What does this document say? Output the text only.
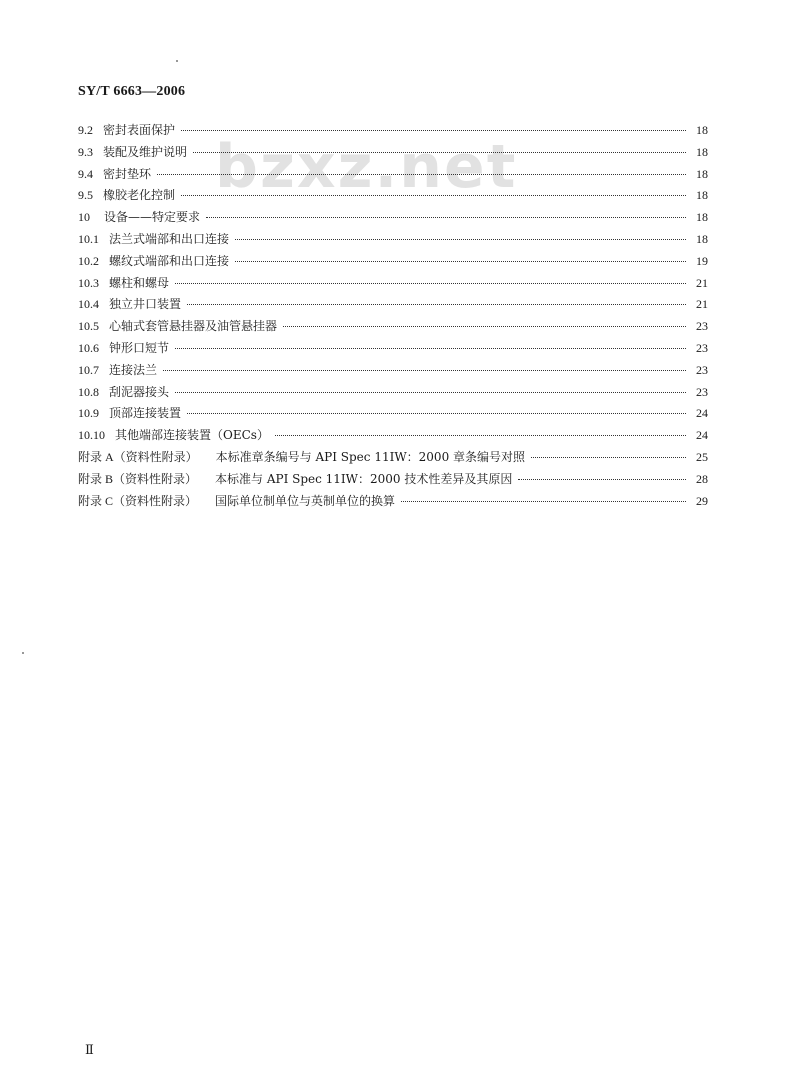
SY/T 6663—2006
bzxz.net
9.2 密封表面保护	18
9.3 装配及维护说明	18
9.4 密封垫环	18
9.5 橡胶老化控制	18
10	设备——特定要求	18
10.1 法兰式端部和出口连接	18
10.2 螺纹式端部和出口连接	19
10.3 螺柱和螺母	21
10.4 独立井口装置	21
10.5 心轴式套管悬挂器及油管悬挂器	23
10.6 钟形口短节	23
10.7 连接法兰	23
10.8 刮泥器接头	23
10.9 顶部连接装置	24
10.10 其他端部连接装置（OECs）	24
附录 A（资料性附录）	本标准章条编号与 API Spec 11IW：2000 章条编号对照	25
附录 B（资料性附录）	本标准与 API Spec 11IW：2000 技术性差异及其原因	28
附录 C（资料性附录）	国际单位制单位与英制单位的换算	29
Ⅱ
